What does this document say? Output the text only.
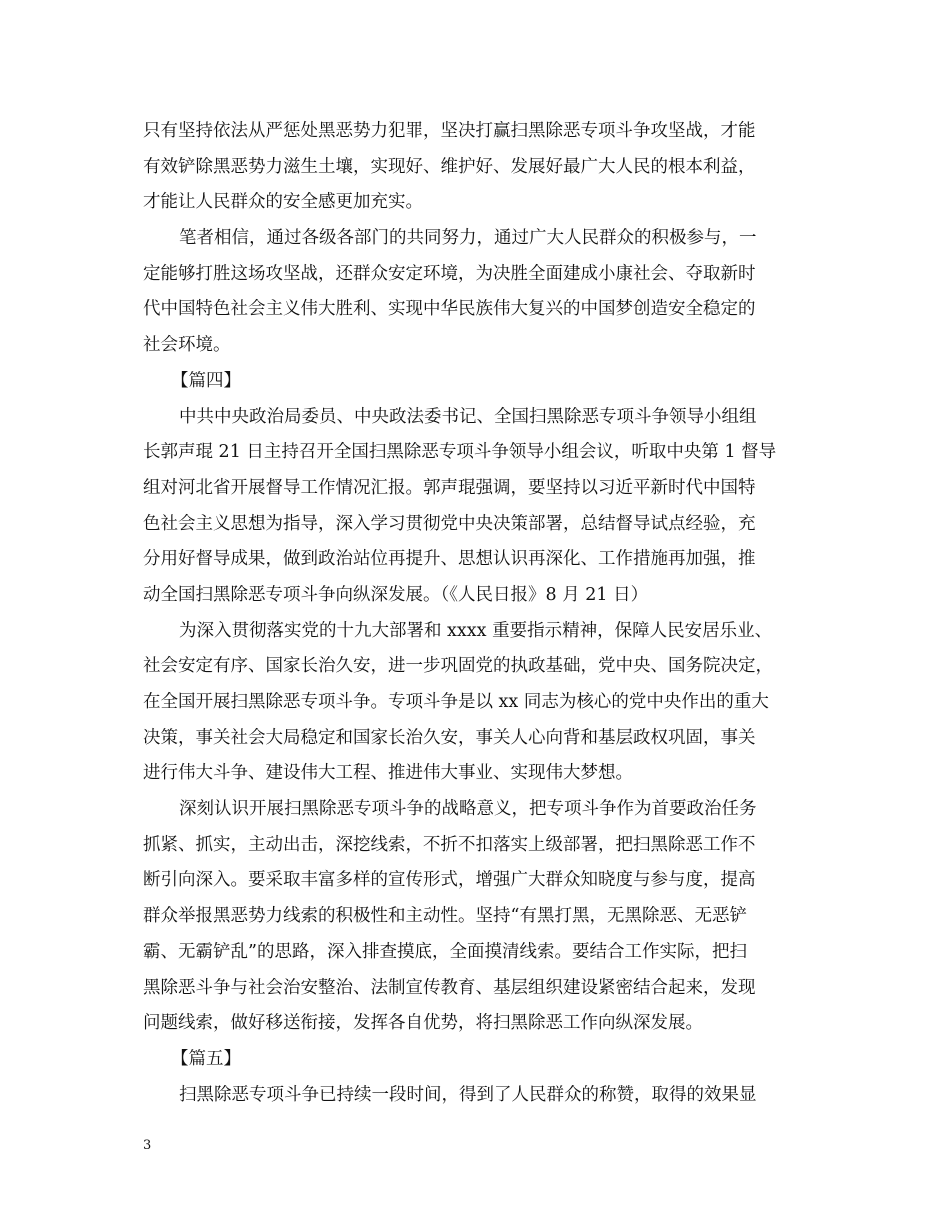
只有坚持依法从严惩处黑恶势力犯罪，坚决打赢扫黑除恶专项斗争攻坚战，才能
有效铲除黑恶势力滋生土壤，实现好、维护好、发展好最广大人民的根本利益，
才能让人民群众的安全感更加充实。
笔者相信，通过各级各部门的共同努力，通过广大人民群众的积极参与，一
定能够打胜这场攻坚战，还群众安定环境，为决胜全面建成小康社会、夺取新时
代中国特色社会主义伟大胜利、实现中华民族伟大复兴的中国梦创造安全稳定的
社会环境。
【篇四】
中共中央政治局委员、中央政法委书记、全国扫黑除恶专项斗争领导小组组
长郭声琨 21 日主持召开全国扫黑除恶专项斗争领导小组会议，听取中央第 1 督导
组对河北省开展督导工作情况汇报。郭声琨强调，要坚持以习近平新时代中国特
色社会主义思想为指导，深入学习贯彻党中央决策部署，总结督导试点经验，充
分用好督导成果，做到政治站位再提升、思想认识再深化、工作措施再加强，推
动全国扫黑除恶专项斗争向纵深发展。（《人民日报》8 月 21 日）
为深入贯彻落实党的十九大部署和 xxxx 重要指示精神，保障人民安居乐业、
社会安定有序、国家长治久安，进一步巩固党的执政基础，党中央、国务院决定，
在全国开展扫黑除恶专项斗争。专项斗争是以 xx 同志为核心的党中央作出的重大
决策，事关社会大局稳定和国家长治久安，事关人心向背和基层政权巩固，事关
进行伟大斗争、建设伟大工程、推进伟大事业、实现伟大梦想。
深刻认识开展扫黑除恶专项斗争的战略意义，把专项斗争作为首要政治任务
抓紧、抓实，主动出击，深挖线索，不折不扣落实上级部署，把扫黑除恶工作不
断引向深入。要采取丰富多样的宣传形式，增强广大群众知晓度与参与度，提高
群众举报黑恶势力线索的积极性和主动性。坚持“有黑打黑，无黑除恶、无恶铲
霸、无霸铲乱”的思路，深入排查摸底，全面摸清线索。要结合工作实际，把扫
黑除恶斗争与社会治安整治、法制宣传教育、基层组织建设紧密结合起来，发现
问题线索，做好移送衔接，发挥各自优势，将扫黑除恶工作向纵深发展。
【篇五】
扫黑除恶专项斗争已持续一段时间，得到了人民群众的称赞，取得的效果显
3
